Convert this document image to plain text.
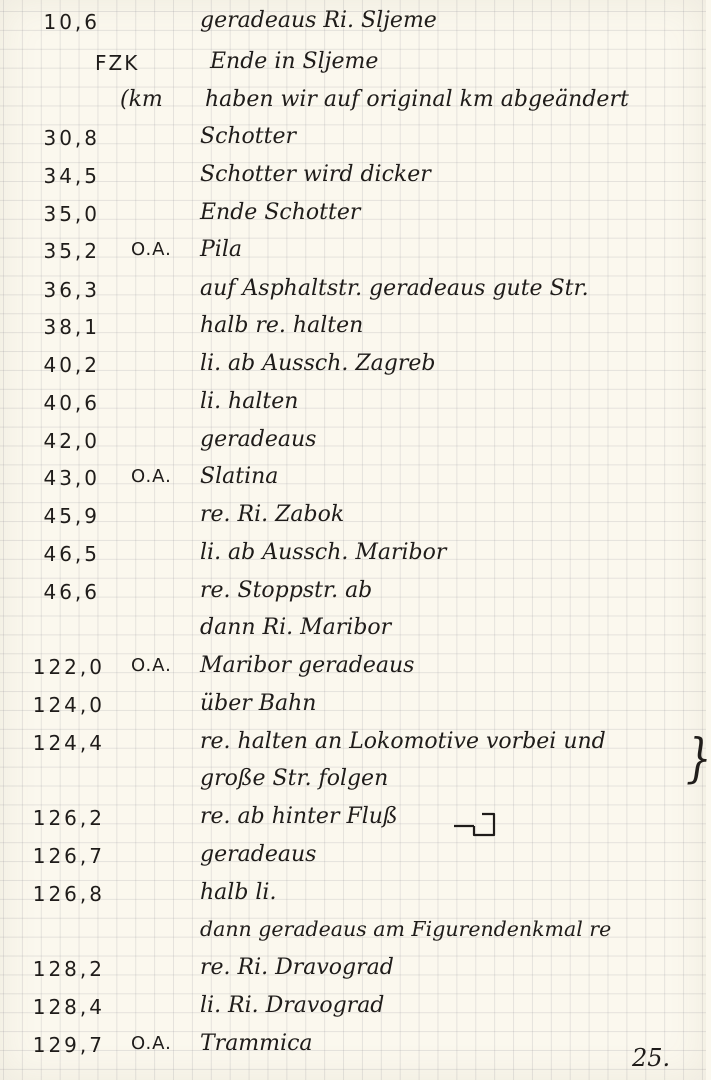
10,6	geradeaus Ri. Sljeme
FZK	Ende in Sljeme
(km haben wir auf original km abgeändert
30,8	Schotter
34,5	Schotter wird dicker
35,0	Ende Schotter
35,2 O.A. Pila
36,3	auf Asphaltstr. geradeaus gute Str.
38,1	halb re. halten
40,2	li. ab Aussch. Zagreb
40,6	li. halten
42,0	geradeaus
43,0 O.A. Slatina
45,9	re. Ri. Zabok
46,5	li. ab Aussch. Maribor
46,6	re. Stoppstr. ab
dann Ri. Maribor
122,0 O.A. Maribor geradeaus
124,0	über Bahn
124,4	re. halten an Lokomotive vorbei und
große Str. folgen
126,2	re. ab hinter Fluß
126,7	geradeaus
126,8	halb li.
dann geradeaus am Figurendenkmal re
128,2	re. Ri. Dravograd
128,4	li. Ri. Dravograd
129,7 O.A. Trammica
}
25.
